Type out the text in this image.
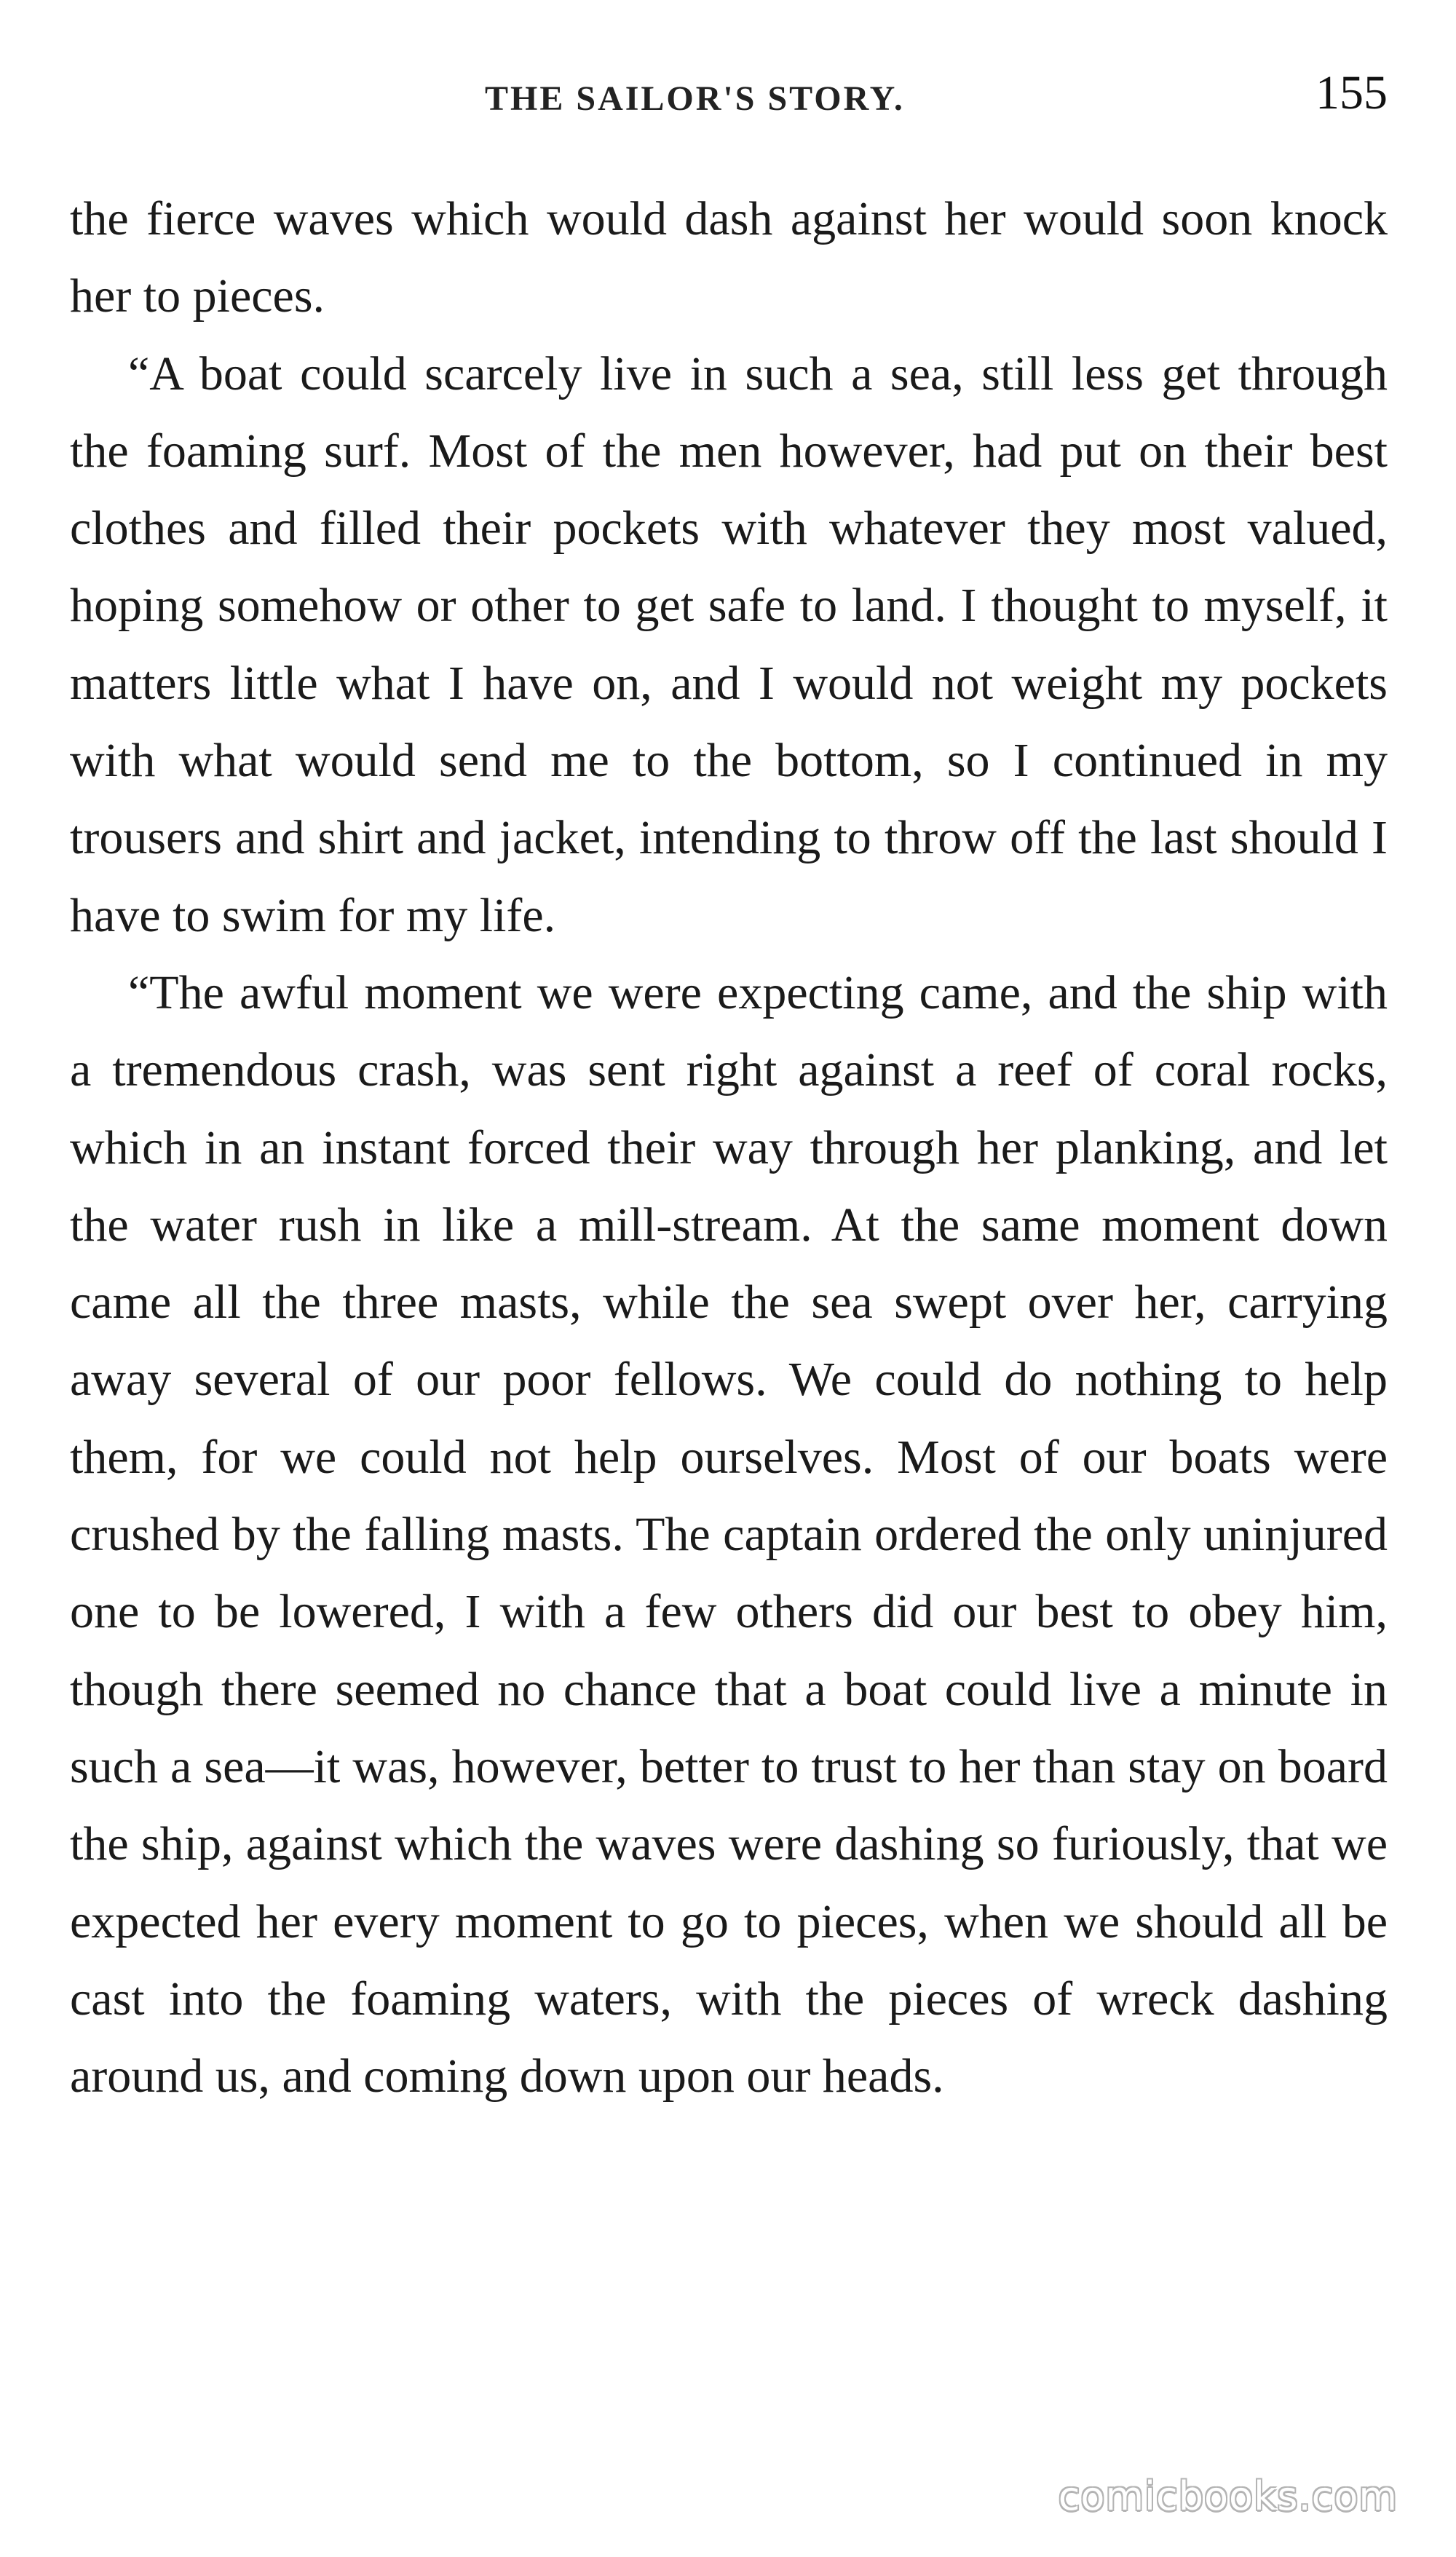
THE SAILOR'S STORY.	155

the fierce waves which would dash against her would soon knock her to pieces.

“A boat could scarcely live in such a sea, still less get through the foaming surf. Most of the men however, had put on their best clothes and filled their pockets with whatever they most valued, hoping somehow or other to get safe to land. I thought to myself, it matters little what I have on, and I would not weight my pockets with what would send me to the bottom, so I continued in my trousers and shirt and jacket, intending to throw off the last should I have to swim for my life.

“The awful moment we were expecting came, and the ship with a tremendous crash, was sent right against a reef of coral rocks, which in an instant forced their way through her planking, and let the water rush in like a mill-stream. At the same moment down came all the three masts, while the sea swept over her, carrying away several of our poor fellows. We could do nothing to help them, for we could not help ourselves. Most of our boats were crushed by the falling masts. The captain ordered the only uninjured one to be lowered, I with a few others did our best to obey him, though there seemed no chance that a boat could live a minute in such a sea—it was, however, better to trust to her than stay on board the ship, against which the waves were dashing so furiously, that we expected her every moment to go to pieces, when we should all be cast into the foaming waters, with the pieces of wreck dashing around us, and coming down upon our heads.

comicbooks.com
